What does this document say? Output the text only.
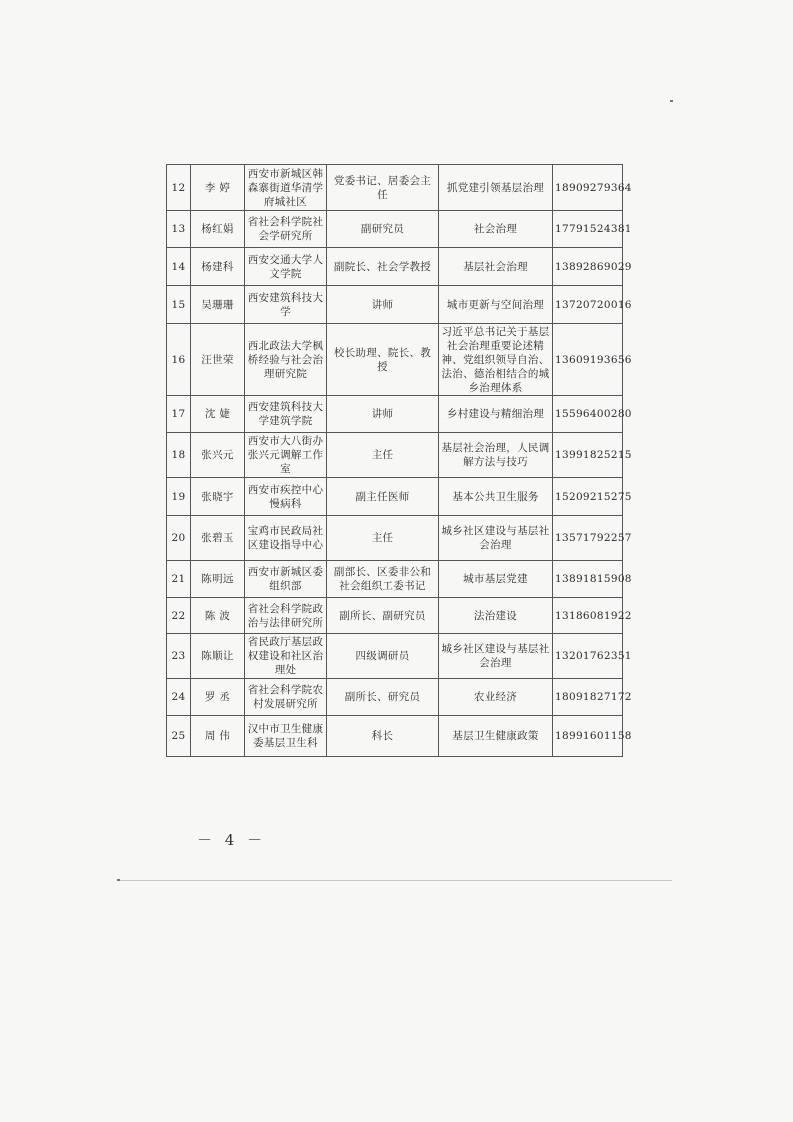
12	李 婷	西安市新城区韩森寨街道华清学府城社区	党委书记、居委会主任	抓党建引领基层治理	18909279364
13	杨红娟	省社会科学院社会学研究所	副研究员	社会治理	17791524381
14	杨建科	西安交通大学人文学院	副院长、社会学教授	基层社会治理	13892869029
15	吴珊珊	西安建筑科技大学	讲师	城市更新与空间治理	13720720016
16	汪世荣	西北政法大学枫桥经验与社会治理研究院	校长助理、院长、教授	习近平总书记关于基层社会治理重要论述精神、党组织领导自治、法治、德治相结合的城乡治理体系	13609193656
17	沈 婕	西安建筑科技大学建筑学院	讲师	乡村建设与精细治理	15596400280
18	张兴元	西安市大八街办张兴元调解工作室	主任	基层社会治理，人民调解方法与技巧	13991825215
19	张晓宇	西安市疾控中心慢病科	副主任医师	基本公共卫生服务	15209215275
20	张碧玉	宝鸡市民政局社区建设指导中心	主任	城乡社区建设与基层社会治理	13571792257
21	陈明远	西安市新城区委组织部	副部长、区委非公和社会组织工委书记	城市基层党建	13891815908
22	陈 波	省社会科学院政治与法律研究所	副所长、副研究员	法治建设	13186081922
23	陈顺让	省民政厅基层政权建设和社区治理处	四级调研员	城乡社区建设与基层社会治理	13201762351
24	罗 丞	省社会科学院农村发展研究所	副所长、研究员	农业经济	18091827172
25	周 伟	汉中市卫生健康委基层卫生科	科长	基层卫生健康政策	18991601158
－ 4 －
